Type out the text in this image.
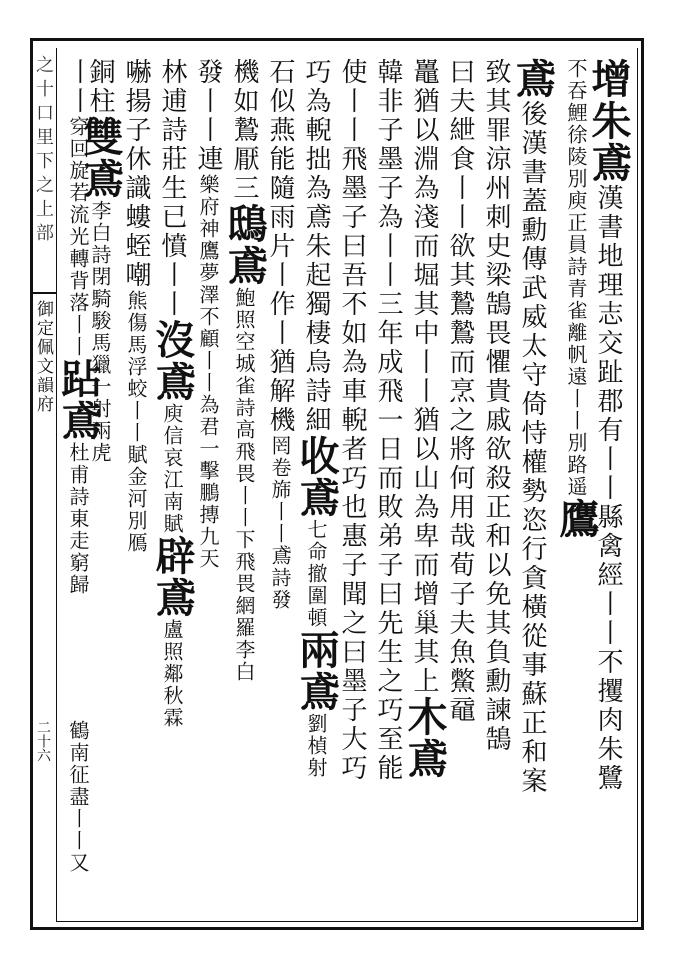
之十口里下之上部
御定佩文韻府
二十六
增朱鳶漢書地理志交趾郡有丨丨縣禽經丨丨不攫肉朱鷺
不吞鯉徐陵別庾正員詩青雀離帆遠丨丨別路遥鷹
鳶後漢書蓋勳傳武威太守倚恃權勢恣行貪橫從事蘇正和案
致其罪涼州刺史梁鵠畏懼貴戚欲殺正和以免其負勳諫鵠
曰夫紲食丨丨欲其鷙鷙而烹之將何用哉荀子夫魚鱉黿
鼉猶以淵為淺而堀其中丨丨猶以山為卑而增巢其上木鳶
韓非子墨子為丨丨三年成飛一日而敗弟子曰先生之巧至能
使丨丨飛墨子曰吾不如為車輗者巧也惠子聞之曰墨子大巧
巧為輗拙為鳶朱起獨棲烏詩細收鳶七命撤圍頓兩鳶劉楨射
石似燕能隨雨片丨作丨猶解機罔卷旆丨丨鳶詩發
機如鷙厭三鴟鳶鮑照空城雀詩高飛畏丨丨下飛畏網羅李白
發丨丨連樂府神鷹夢澤不顧丨丨為君一擊鵬摶九天
林逋詩莊生已憤丨丨沒鳶庾信哀江南賦辟鳶盧照鄰秋霖
嚇揚子休識螻蛭嘲熊傷馬浮蛟丨丨賦金河別鴈
銅柱雙鳶李白詩閉騎駿馬獵一射兩虎
丨丨穿回旋若流光轉背落丨丨跕鳶杜甫詩東走窮歸
鶴南征盡丨丨又
